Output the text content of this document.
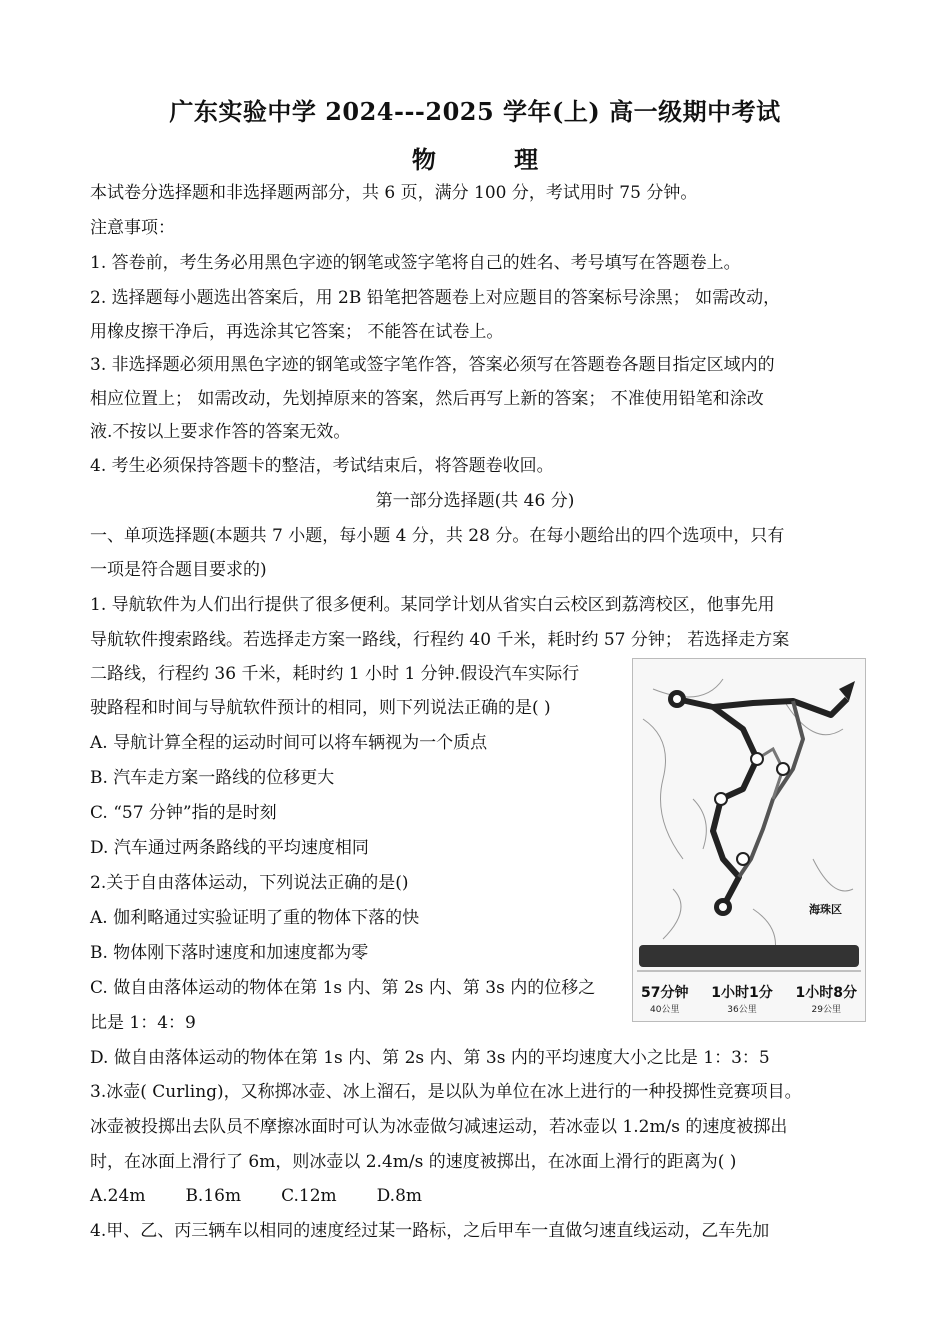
广东实验中学 2024---2025 学年(上) 高一级期中考试
物 理
本试卷分选择题和非选择题两部分，共 6 页，满分 100 分，考试用时 75 分钟。
注意事项：
1. 答卷前，考生务必用黑色字迹的钢笔或签字笔将自己的姓名、考号填写在答题卷上。
2. 选择题每小题选出答案后，用 2B 铅笔把答题卷上对应题目的答案标号涂黑； 如需改动，
用橡皮擦干净后，再选涂其它答案； 不能答在试卷上。
3. 非选择题必须用黑色字迹的钢笔或签字笔作答，答案必须写在答题卷各题目指定区域内的
相应位置上； 如需改动，先划掉原来的答案，然后再写上新的答案； 不准使用铅笔和涂改
液.不按以上要求作答的答案无效。
4. 考生必须保持答题卡的整洁，考试结束后，将答题卷收回。
第一部分选择题(共 46 分)
一、单项选择题(本题共 7 小题，每小题 4 分，共 28 分。在每小题给出的四个选项中，只有
一项是符合题目要求的)
1. 导航软件为人们出行提供了很多便利。某同学计划从省实白云校区到荔湾校区，他事先用
导航软件搜索路线。若选择走方案一路线，行程约 40 千米，耗时约 57 分钟； 若选择走方案
二路线，行程约 36 千米，耗时约 1 小时 1 分钟.假设汽车实际行
驶路程和时间与导航软件预计的相同，则下列说法正确的是( )
A. 导航计算全程的运动时间可以将车辆视为一个质点
B. 汽车走方案一路线的位移更大
C. “57 分钟”指的是时刻
D. 汽车通过两条路线的平均速度相同
2.关于自由落体运动，下列说法正确的是()
A. 伽利略通过实验证明了重的物体下落的快
B. 物体刚下落时速度和加速度都为零
C. 做自由落体运动的物体在第 1s 内、第 2s 内、第 3s 内的位移之
比是 1：4：9
D. 做自由落体运动的物体在第 1s 内、第 2s 内、第 3s 内的平均速度大小之比是 1：3：5
3.冰壶( Curling)，又称掷冰壶、冰上溜石，是以队为单位在冰上进行的一种投掷性竞赛项目。
冰壶被投掷出去队员不摩擦冰面时可认为冰壶做匀减速运动，若冰壶以 1.2m/s 的速度被掷出
时，在冰面上滑行了 6m，则冰壶以 2.4m/s 的速度被掷出，在冰面上滑行的距离为( )
A.24m B.16m C.12m D.8m
4.甲、乙、丙三辆车以相同的速度经过某一路标，之后甲车一直做匀速直线运动，乙车先加
海珠区
57分钟
40公里
1小时1分
36公里
1小时8分
29公里
